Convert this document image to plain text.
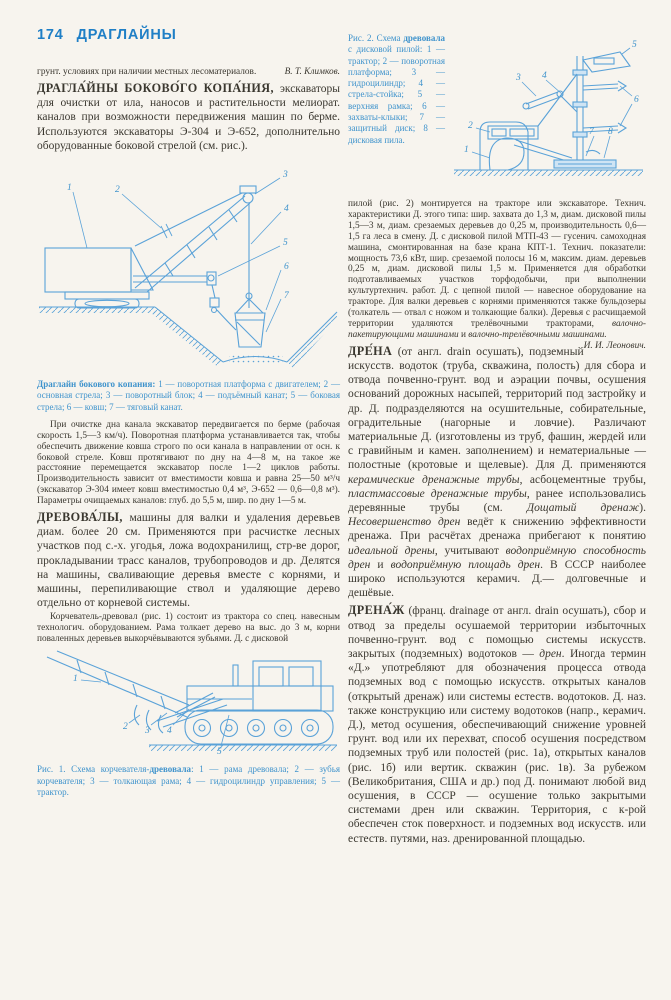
174 ДРАГЛАЙНЫ

грунт. условиях при наличии местных лесоматериалов.	В. Т. Климков.

ДРАГЛА́ЙНЫ БОКОВО́ГО КОПА́НИЯ, экскаваторы для очистки от ила, наносов и растительности мелиорат. каналов при возможности передвижения машин по берме. Используются экскаваторы Э-304 и Э-652, дополнительно оборудованные боковой стрелой (см. рис.).

1	2
3
4
5
6
7

Драглайн бокового копания: 1 — поворотная платформа с двигателем; 2 — основная стрела; 3 — поворотный блок; 4 — подъёмный канат; 5 — боковая стрела; 6 — ковш; 7 — тяговый канат.

При очистке дна канала экскаватор передвигается по берме (рабочая скорость 1,5—3 км/ч). Поворотная платформа устанавливается так, чтобы обеспечить движение ковша строго по оси канала в направлении от осн. к боковой стреле. Ковш протягивают по дну на 4—8 м, на такое же расстояние перемещается экскаватор после 1—2 циклов работы. Производительность зависит от вместимости ковша и равна 25—50 м³/ч (экскаватор Э-304 имеет ковш вместимостью 0,4 м³, Э-652 — 0,6—0,8 м³). Параметры очищаемых каналов: глуб. до 5,5 м, шир. по дну 1—5 м.

ДРЕВОВА́ЛЫ, машины для валки и удаления деревьев диам. более 20 см. Применяются при расчистке лесных участков под с.-х. угодья, ложа водохранилищ, стр-ве дорог, прокладывании трасс каналов, трубопроводов и др. Делятся на машины, сваливающие деревья вместе с корнями, и машины, перепиливающие ствол и удаляющие дерево отдельно от корневой системы.

Корчеватель-древовал (рис. 1) состоит из трактора со спец. навесным технологич. оборудованием. Рама толкает дерево на выс. до 3 м, корни поваленных деревьев выкорчёвываются зубьями. Д. с дисковой

1
2 3 4
5

Рис. 1. Схема корчевателя-древовала: 1 — рама древовала; 2 — зубья корчевателя; 3 — толкающая рама; 4 — гидроцилиндр управления; 5 — трактор.

Рис. 2. Схема древовала с дисковой пилой: 1 — трактор; 2 — поворотная платформа; 3 — гидроцилиндр; 4 — стрела-стойка; 5 — верхняя рамка; 6 — захваты-клыки; 7 — защитный диск; 8 — дисковая пила.

1
2
3 4
5
6
7 8

пилой (рис. 2) монтируется на тракторе или экскаваторе. Технич. характеристики Д. этого типа: шир. захвата до 1,3 м, диам. дисковой пилы 1,5—3 м, диам. срезаемых деревьев до 0,25 м, производительность 0,6—1,5 га леса в смену. Д. с дисковой пилой МТП-43 — гусенич. самоходная машина, смонтированная на базе крана КПТ-1. Технич. показатели: мощность 73,6 кВт, шир. срезаемой полосы 16 м, максим. диам. деревьев 0,25 м, диам. дисковой пилы 1,5 м. Применяется для обработки подготавливаемых участков торфодобычи, при выполнении культуртехнич. работ. Д. с цепной пилой — навесное оборудование на тракторе. Для валки деревьев с корнями применяются также бульдозеры (толкатель — отвал с ножом и толкающие балки). Деревья с расчищаемой территории удаляются трелёвочными тракторами, валочно-пакетирующими машинами и валочно-трелёвочными машинами.
И. И. Леонович.

ДРЕ́НА (от англ. drain осушать), подземный искусств. водоток (труба, скважина, полость) для сбора и отвода почвенно-грунт. вод и аэрации почвы, осушения оснований дорожных насыпей, территорий под застройку и др. Д. подразделяются на осушительные, собирательные, оградительные (нагорные и ловчие). Различают материальные Д. (изготовлены из труб, фашин, жердей или с гравийным и камен. заполнением) и нематериальные — полостные (кротовые и щелевые). Для Д. применяются керамические дренажные трубы, асбоцементные трубы, пластмассовые дренажные трубы, ранее использовались деревянные трубы (см. Дощатый дренаж). Несовершенство дрен ведёт к снижению эффективности дренажа. При расчётах дренажа прибегают к понятию идеальной дрены, учитывают водоприёмную способность дрен и водоприёмную площадь дрен. В СССР наиболее широко используются керамич. Д.— долговечные и дешёвые.

ДРЕНА́Ж (франц. drainage от англ. drain осушать), сбор и отвод за пределы осушаемой территории избыточных почвенно-грунт. вод с помощью системы искусств. закрытых (подземных) водотоков — дрен. Иногда термин «Д.» употребляют для обозначения процесса отвода подземных вод с помощью искусств. открытых каналов (открытый дренаж) или системы естеств. водотоков. Д. наз. также конструкцию или систему водотоков (напр., керамич. Д.), метод осушения, обеспечивающий снижение уровней грунт. вод или их перехват, способ осушения посредством подземных труб или полостей (рис. 1а), открытых каналов (рис. 1б) или вертик. скважин (рис. 1в). За рубежом (Великобритания, США и др.) под Д. понимают любой вид осушения, в СССР — осушение только закрытыми системами дрен или скважин. Территория, с к-рой обеспечен сток поверхност. и подземных вод искусств. или естеств. путями, наз. дренированной площадью.
